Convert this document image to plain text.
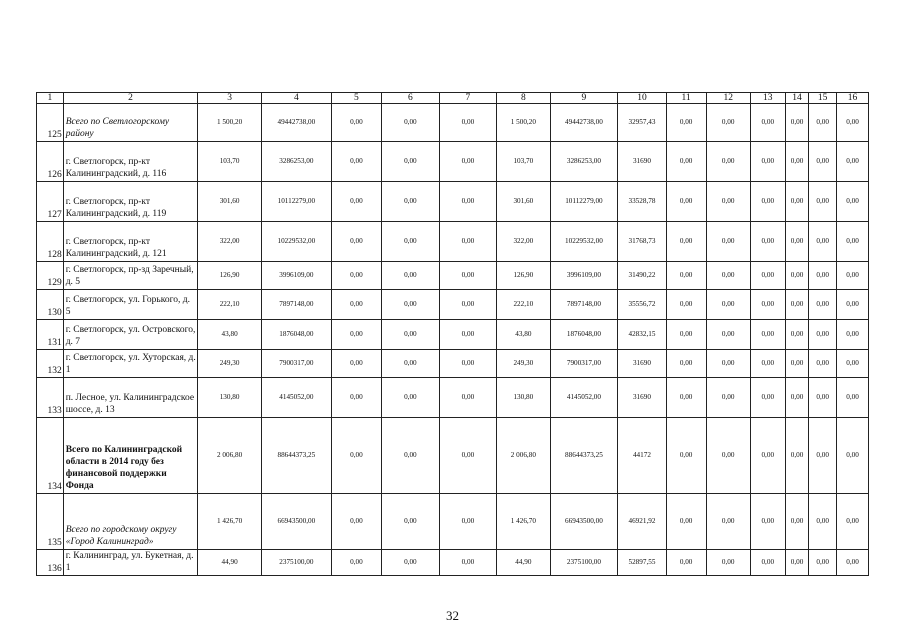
1	2	3	4	5	6	7	8	9	10	11	12	13	14	15	16
125	Всего по Светлогорскому району	1 500,20	49442738,00	0,00	0,00	0,00	1 500,20	49442738,00	32957,43	0,00	0,00	0,00	0,00	0,00	0,00
126	г. Светлогорск, пр-кт Калининградский, д. 116	103,70	3286253,00	0,00	0,00	0,00	103,70	3286253,00	31690	0,00	0,00	0,00	0,00	0,00	0,00
127	г. Светлогорск, пр-кт Калининградский, д. 119	301,60	10112279,00	0,00	0,00	0,00	301,60	10112279,00	33528,78	0,00	0,00	0,00	0,00	0,00	0,00
128	г. Светлогорск, пр-кт Калининградский, д. 121	322,00	10229532,00	0,00	0,00	0,00	322,00	10229532,00	31768,73	0,00	0,00	0,00	0,00	0,00	0,00
129	г. Светлогорск, пр-зд Заречный, д. 5	126,90	3996109,00	0,00	0,00	0,00	126,90	3996109,00	31490,22	0,00	0,00	0,00	0,00	0,00	0,00
130	г. Светлогорск, ул. Горького, д. 5	222,10	7897148,00	0,00	0,00	0,00	222,10	7897148,00	35556,72	0,00	0,00	0,00	0,00	0,00	0,00
131	г. Светлогорск, ул. Островского, д. 7	43,80	1876048,00	0,00	0,00	0,00	43,80	1876048,00	42832,15	0,00	0,00	0,00	0,00	0,00	0,00
132	г. Светлогорск, ул. Хуторская, д. 1	249,30	7900317,00	0,00	0,00	0,00	249,30	7900317,00	31690	0,00	0,00	0,00	0,00	0,00	0,00
133	п. Лесное, ул. Калининградское шоссе, д. 13	130,80	4145052,00	0,00	0,00	0,00	130,80	4145052,00	31690	0,00	0,00	0,00	0,00	0,00	0,00
134	Всего по Калининградской области в 2014 году без финансовой поддержки Фонда	2 006,80	88644373,25	0,00	0,00	0,00	2 006,80	88644373,25	44172	0,00	0,00	0,00	0,00	0,00	0,00
135	Всего по городскому округу «Город Калининград»	1 426,70	66943500,00	0,00	0,00	0,00	1 426,70	66943500,00	46921,92	0,00	0,00	0,00	0,00	0,00	0,00
136	г. Калининград, ул. Букетная, д. 1	44,90	2375100,00	0,00	0,00	0,00	44,90	2375100,00	52897,55	0,00	0,00	0,00	0,00	0,00	0,00
32
